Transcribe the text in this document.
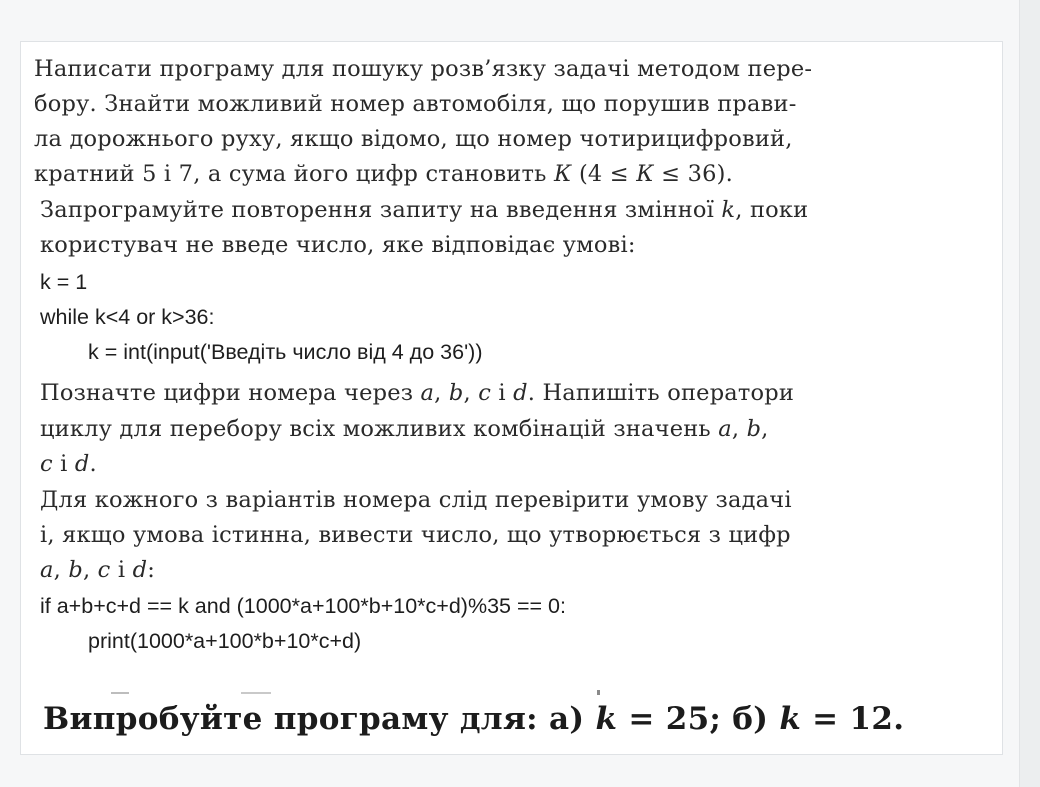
Написати програму для пошуку розв’язку задачі методом пере-
бору. Знайти можливий номер автомобіля, що порушив прави-
ла дорожнього руху, якщо відомо, що номер чотирицифровий,
кратний 5 і 7, а сума його цифр становить К (4 ≤ К ≤ 36).
Запрограмуйте повторення запиту на введення змінної k, поки
користувач не введе число, яке відповідає умові:
k = 1
while k<4 or k>36:
k = int(input('Введіть число від 4 до 36'))
Позначте цифри номера через a, b, c і d. Напишіть оператори
циклу для перебору всіх можливих комбінацій значень a, b,
c і d.
Для кожного з варіантів номера слід перевірити умову задачі
і, якщо умова істинна, вивести число, що утворюється з цифр
a, b, c і d:
if a+b+c+d == k and (1000*a+100*b+10*c+d)%35 == 0:
print(1000*a+100*b+10*c+d)
Випробуйте програму для: а) k = 25; б) k = 12.
